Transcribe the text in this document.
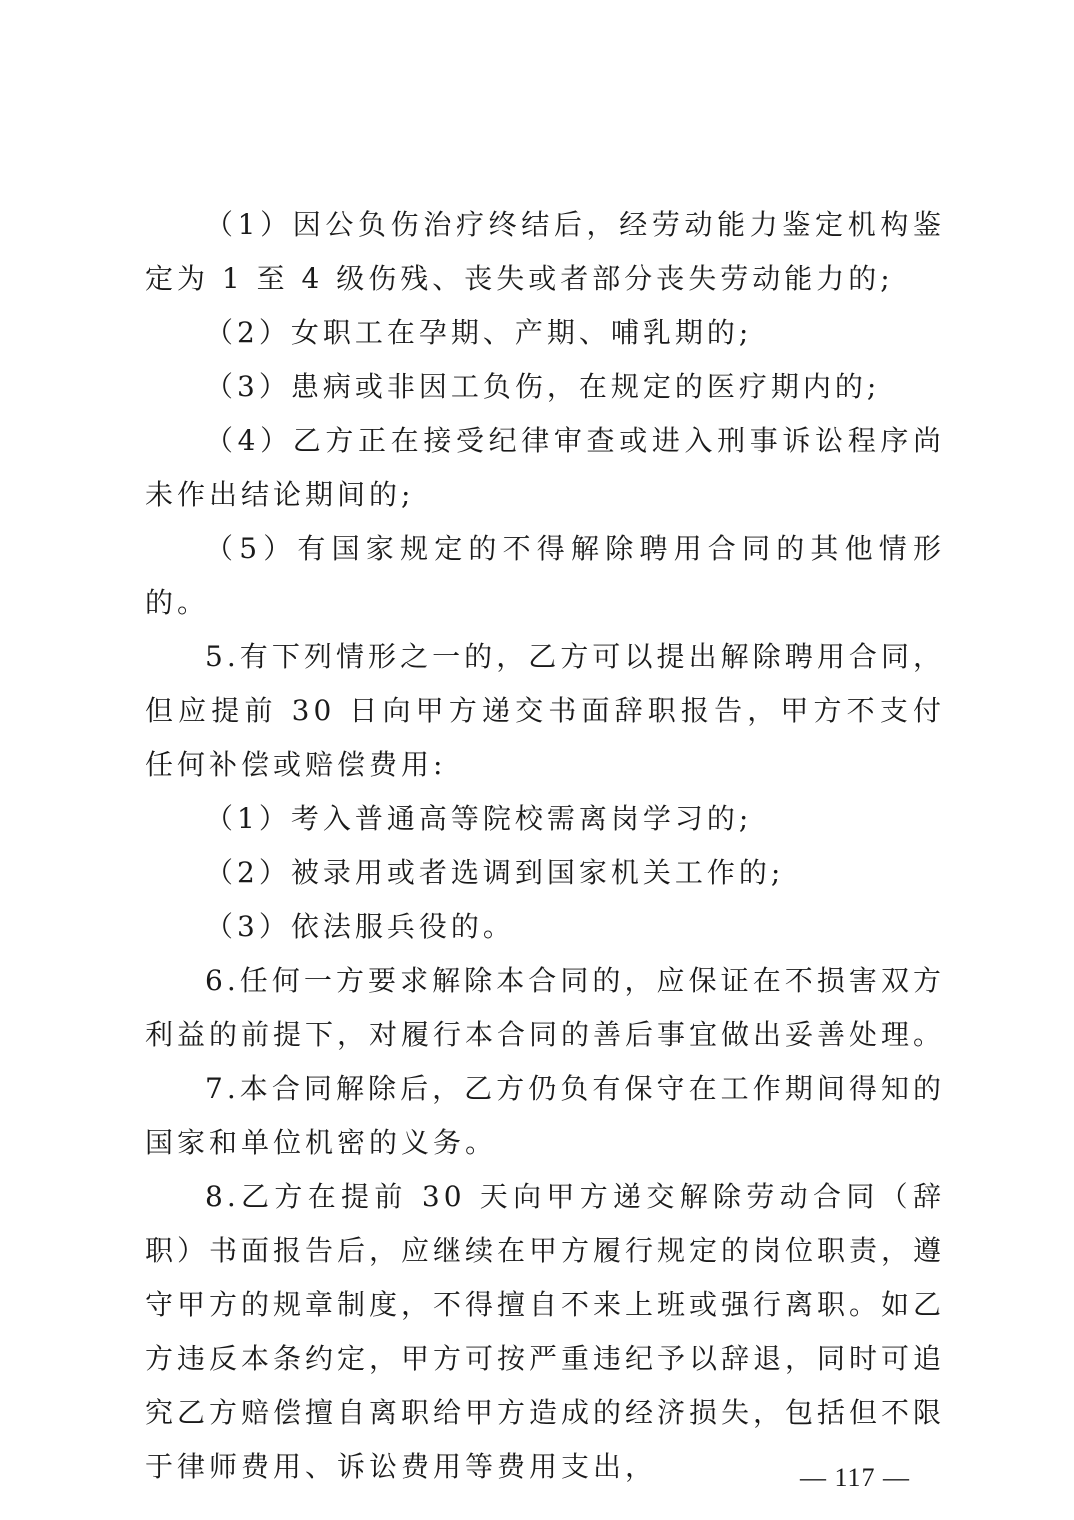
（1）因公负伤治疗终结后，经劳动能力鉴定机构鉴定为 1 至 4 级伤残、丧失或者部分丧失劳动能力的;

（2）女职工在孕期、产期、哺乳期的;

（3）患病或非因工负伤，在规定的医疗期内的;

（4）乙方正在接受纪律审查或进入刑事诉讼程序尚未作出结论期间的;

（5）有国家规定的不得解除聘用合同的其他情形的。

5.有下列情形之一的，乙方可以提出解除聘用合同，但应提前 30 日向甲方递交书面辞职报告，甲方不支付任何补偿或赔偿费用:

（1）考入普通高等院校需离岗学习的;

（2）被录用或者选调到国家机关工作的;

（3）依法服兵役的。

6.任何一方要求解除本合同的，应保证在不损害双方利益的前提下，对履行本合同的善后事宜做出妥善处理。

7.本合同解除后，乙方仍负有保守在工作期间得知的国家和单位机密的义务。

8.乙方在提前 30 天向甲方递交解除劳动合同（辞职）书面报告后，应继续在甲方履行规定的岗位职责，遵守甲方的规章制度，不得擅自不来上班或强行离职。如乙方违反本条约定，甲方可按严重违纪予以辞退，同时可追究乙方赔偿擅自离职给甲方造成的经济损失，包括但不限于律师费用、诉讼费用等费用支出，	— 117 —
